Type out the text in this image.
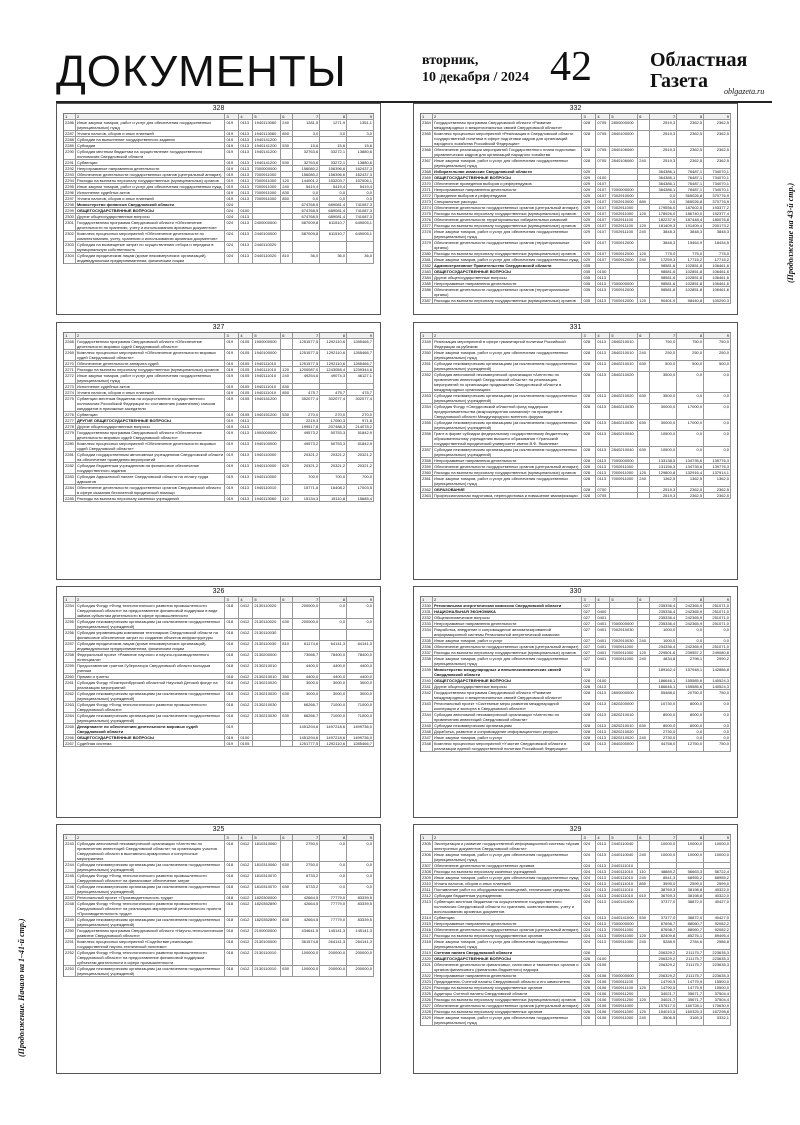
ДОКУМЕНТЫ	вторник,
10 декабря / 2024 42	Областная
Газета	oblgazeta.ru
(Продолжение на 43-й стр.)
(Продолжение. Начало на 1–41-й стр.)
328
1	2	3	4	5	6	7	8	9
2286 Иные закупки товаров, работ и услуг для обеспечения государственных (муниципальных) нужд
019	0113	1940113060	240	1281,5	1271,9	1351,1
2287 Уплата налогов, сборов и иных платежей	019	0113	1940113060	850	3,0	3,0	3,0
2288 Субсидии на выполнение государственного задания	019	0113	1940141200
2289 Субсидии	019	0113	1940141200	530	15,6	15,6	15,6
2290 Субсидия местным бюджетам на осуществление государственного полномочия Свердловской области
019	0113	1940141200	32763,6	33272,1	13880,6
2291 Субвенции	019	0113	1940141200	530	32763,6	33272,1	13880,6
2292 Непрограммные направления деятельности	019	0113	7000000000	156080,2	156396,6	162437,3
2293 Обеспечение деятельности государственных органов (центральный аппарат)	019	0113	7000911000	156080,2	156396,6	162437,3
2294 Расходы на выплаты персоналу государственных (муниципальных) органов	019	0113	7000911000	120	144001,2	153203,7	157006,1
2295 Иные закупки товаров, работ и услуг для обеспечения государственных нужд	019	0113	7000911000	240	5419,4	5419,4	5419,4
2296 Исполнение судебных актов	019	0113	7000911000	830	0,0	0,0	0,0
2297 Уплата налогов, сборов и иных платежей	019	0113	7000911000	850	0,0	0,0	0,0
2298 Министерство финансов Свердловской области	024	674768,5	689081,4	741087,3
2299 ОБЩЕГОСУДАРСТВЕННЫЕ ВОПРОСЫ	024	0100	674768,5	689081,4	741087,3
2300 Другие общегосударственные вопросы	024	0113	674768,5	689081,4	741087,3
2301 Государственная программа Свердловской области «Обеспечение деятельности по хранению, учету и использованию архивных документов»
024	0113	2400000000	587009,8	611510,7	649005,1
2302 Комплекс процессных мероприятий «Обеспечение деятельности по комплектованию, учету, хранению и использованию архивных документов»
024	0113	2440100000	587009,8	611510,7	649005,1
2303 Субсидия на возмещение затрат по осуществлению отбора и передачи в муниципальную собственность
024	0113	2440110020
2304 Субсидии юридическим лицам (кроме некоммерческих организаций), индивидуальным предпринимателям, физическим лицам
024	0113	2440110020	810	36,0	36,0	36,0
332
1	2	3	4	5	6	7	8	9
2364 Государственная программа Свердловской области «Развитие международных и межрегиональных связей Свердловской области»
028	0705	2800000000	2519,3	2362,5	2362,5
2365 Комплекс процессных мероприятий «Реализация в Свердловской области государственной политики в сфере подготовки кадров для организаций народного хозяйства Российской Федерации»
028	0705	2840100000	2519,3	2362,5	2362,5
2366 Обеспечение реализации мероприятий Государственного плана подготовки управленческих кадров для организаций народного хозяйства
028	0705	2840106060	2519,3	2362,5	2362,5
2367 Иные закупки товаров, работ и услуг для обеспечения государственных (муниципальных) нужд
028	0705	2840106060	240	2519,3	2362,5	2362,5
2368 Избирательная комиссия Свердловской области	029	364386,1	76487,1	734070,1
2369 ОБЩЕГОСУДАРСТВЕННЫЕ ВОПРОСЫ	029	0100	364386,1	76487,1	734070,1
2370 Обеспечение проведения выборов и референдумов	029	0107	364386,1	76487,1	734070,1
2371 Непрограммные направления деятельности	029	0107	7000000000	364386,1	76487,1	734070,1
2372 Проведение выборов и референдумов	029	0107	7002910000	0,0	365026,8	370776,9
2373 Специальные расходы	029	0107	7002910000	880	0,0	365026,8	370776,9
2374 Обеспечение деятельности государственных органов (центральный аппарат)	029	0107	7002911000	179556,0	187602,5	193377,2
2375 Расходы на выплаты персоналу государственных (муниципальных) органов	029	0107	7002911000	120	178926,0	186740,0	192377,4
2376 Обеспечение деятельности территориальных избирательных комиссий	029	0107	7002911100	182237,9	187448,4	180076,8
2377 Расходы на выплаты персоналу государственных (муниципальных) органов	029	0107	7002911100	120	181409,3	191409,4	200173,2
2378 Иные закупки товаров, работ и услуг для обеспечения государственных (муниципальных) нужд
029	0107	7002911100	240	3848,3	3848,3	3848,3
2379 Обеспечение деятельности государственных органов (территориальные органы)
029	0107	7000912000	3848,3	15464,9	18434,5
2380 Расходы на выплаты персоналу государственных (муниципальных) органов	029	0107	7000912000	120	775,0	775,0	775,0
2381 Иные закупки товаров, работ и услуг для обеспечения государственных нужд	029	0107	7000912000	240	17259,3	17715,2	17715,2
2382 Административное Правительство Свердловской области	035	98581,6	102851,8	106461,6
2383 ОБЩЕГОСУДАРСТВЕННЫЕ ВОПРОСЫ	035	0100	98581,6	102851,8	106461,6
2384 Другие общегосударственные вопросы	035	0113	98581,6	102851,8	106461,6
2385 Непрограммные направления деятельности	035	0113	7000000000	98581,6	102851,8	106461,6
2386 Обеспечение деятельности государственных органов (территориальные органы)
035	0113	7000912000	98581,6	102851,8	106461,6
2387 Расходы на выплаты персоналу государственных (муниципальных) органов	035	0113	7000912000	120	90401,9	98440,8	100290,3
327
1	2	3	4	5	6	7	8	9
2268 Государственная программа Свердловской области «Обеспечение деятельности мировых судей Свердловской области»
019	0105	1900000000	1251577,5	1292110,6	1285466,7
2269 Комплекс процессных мероприятий «Обеспечение деятельности мировых судей Свердловской области»
019	0105	1940100000	1251577,5	1292110,6	1285466,7
2270 Обеспечение деятельности аппарата судей	019	0105	1940111010	1251577,5	1292110,6	1285466,7
2271 Расходы на выплаты персоналу государственных (муниципальных) органов	019	0105	1940111010	120	1200087,0	1243058,4	1239344,6
2272 Иные закупки товаров, работ и услуг для обеспечения государственных (муниципальных) нужд
019	0105	1940111010	240	49254,6	49074,3	46127,1
2273 Исполнение судебных актов	019	0105	1940111010	830
2274 Уплата налогов, сборов и иных платежей	019	0105	1940111010	850	475,7	475,7	475,7
2275 Субвенции местным бюджетам на осуществление государственного полномочия Российской Федерации по составлению (изменению) списков кандидатов в присяжные заседатели
019	0105	1940151200	352077,4	302077,4	302077,4
2276 Субвенции	019	0105	1940151200	530	270,0	270,0	270,0
2277 ДРУГИЕ ОБЩЕГОСУДАРСТВЕННЫЕ ВОПРОСЫ	019	0113	2219,3	17050,3	971,8
2278 Другие общегосударственные вопросы	019	0113	199517,8	207488,3	214078,2
2279 Государственная программа Свердловской области «Обеспечение деятельности мировых судей Свердловской области»
019	0113	1900000000	49573,2	50753,3	51842,9
2280 Комплекс процессных мероприятий «Обеспечение деятельности мировых судей Свердловской области»
019	0113	1940100000	49573,2	50753,3	51842,9
2281 Субсидии государственным автономным учреждениям Свердловской области на обеспечение проведения мероприятий
019	0113	1940110000	20321,2	20321,2	20321,2
2282 Субсидии бюджетным учреждениям на финансовое обеспечение государственного задания
019	0113	1940110000	620	20321,2	20321,2	20321,2
2283 Субсидия Адвокатской палате Свердловской области на оплату труда адвокатов
019	0113	1940110000	700,0	700,0	700,0
2284 Обеспечение деятельности государственных органов Свердловской области в сфере оказания бесплатной юридической помощи
019	0113	1940110010	15771,6	16408,2	17003,5
2285 Расходы на выплаты персоналу казенных учреждений	019	0113	1940113060	110	15134,3	15110,8	15685,4
331
1	2	3	4	5	6	7	8	9
2349 Реализация мероприятий в сфере гуманитарной политики Российской Федерации за рубежом
028	0113	2840210010	750,0	750,0	750,0
2350 Иные закупки товаров, работ и услуг для обеспечения государственных (муниципальных) нужд
028	0113	2840210010	240	250,0	250,0	250,0
2351 Субсидии некоммерческим организациям (за исключением государственных (муниципальных) учреждений)
028	0113	2840210010	630	500,0	500,0	500,0
2352 Субсидия автономной некоммерческой организации «Агентство по привлечению инвестиций Свердловской области» на реализацию мероприятий по организации продвижения Свердловской области в международных организациях
028	0113	2840210020	3500,0	0,0	0,0
2353 Субсидии некоммерческим организациям (за исключением государственных (муниципальных) учреждений)
028	0113	2840210020	630	3500,0	0,0	0,0
2354 Субсидия Фонду «Свердловский областной фонд поддержки предпринимательства (микрокредитная компания)» на проведение в Свердловской области Международного военного форума
028	0113	2840210030	30000,0	17000,0	0,0
2355 Субсидии некоммерческим организациям (за исключением государственных (муниципальных) учреждений)
028	0113	2840210030	630	30000,0	17000,0	0,0
2356 Грант в форме субсидии федеральному государственному бюджетному образовательному учреждению высшего образования «Уральский государственный юридический университет имени В.Ф. Яковлева»
028	0113	2840210040	10500,0	0,0	0,0
2357 Субсидии некоммерческим организациям (за исключением государственных (муниципальных) учреждений)
028	0113	2840210040	630	10500,0	0,0	0,0
2358 Непрограммные направления деятельности	028	0113	7000000000	133138,5	134735,6	139776,3
2359 Обеспечение деятельности государственных органов (центральный аппарат)	028	0113	7000911000	131156,3	134735,6	139776,3
2360 Расходы на выплаты персоналу государственных (муниципальных) органов	028	0113	7000911000	120	129800,8	132916,4	137914,1
2361 Иные закупки товаров, работ и услуг для обеспечения государственных (муниципальных) нужд
028	0113	7000911000	240	1362,5	1362,5	1362,0
2362 ОБРАЗОВАНИЕ	028	0700	2519,3	2362,5	2362,5
2363 Профессиональная подготовка, переподготовка и повышение квалификации	028	0705	2519,3	2362,5	2362,5
326
1	2	3	4	5	6	7	8	9
2254 Субсидия Фонду «Фонд технологического развития промышленности Свердловской области» на предоставление финансовой поддержки в виде займов субъектам деятельности в сфере промышленности
018	0412	2130110020	200000,0	0,0	0,0
2255 Субсидии некоммерческим организациям (за исключением государственных (муниципальных) учреждений)
018	0412	2130110020	630	200000,0	0,0	0,0
2256 Субсидия управляющим компаниям технопарков Свердловской области на финансовое обеспечение затрат по созданию объектов инфраструктуры
018	0412	2130110030
2257 Субсидии юридическим лицам (кроме некоммерческих организаций), индивидуальным предпринимателям, физическим лицам
018	0412	2130110030	810	61174,6	64141,3	64141,3
2258 Федеральный проект «Развитие научного и научно-производственного потенциала»
018	0412	2130200000	73066,7	78400,0	78400,0
2259 Предоставление грантов Губернатора Свердловской области молодым ученым
018	0412	2130210010	4400,0	4400,0	4400,0
2260 Премии и гранты	018	0412	2130210010	350	4400,0	4400,0	4400,0
2261 Субсидия Фонду «Екатеринбургский областной Научный Детский фонд» на реализацию мероприятий
018	0412	2130210020	3000,0	3000,0	3000,0
2262 Субсидии некоммерческим организациям (за исключением государственных (муниципальных) учреждений)
018	0412	2130210020	630	3000,0	3000,0	3000,0
2263 Субсидия Фонду «Фонд технологического развития промышленности Свердловской области»
018	0412	2130210030	66266,7	71000,0	71000,0
2264 Субсидии некоммерческим организациям (за исключением государственных (муниципальных) учреждений)
018	0412	2130210030	630	66266,7	71000,0	71000,0
2265 Департамент по обеспечению деятельности мировых судей Свердловской области
019	1451294,6	1497218,6	1499736,0
2266 ОБЩЕГОСУДАРСТВЕННЫЕ ВОПРОСЫ	019	0100	1451294,6	1497218,6	1499736,0
2267 Судебная система	019	0105	1251777,5	1292110,6	1285466,7
330
1	2	3	4	5	6	7	8	9
2330 Региональная энергетическая комиссия Свердловской области	027	235336,4	242365,9	251071,0
2331 НАЦИОНАЛЬНАЯ ЭКОНОМИКА	027	0400	235336,4	242365,9	251071,0
2332 Общеэкономические вопросы	027	0401	235336,4	242365,9	251071,0
2333 Непрограммные направления деятельности	027	0401	7000000000	235336,4	242365,9	251071,0
2334 Разработка, внедрение и сопровождение автоматизированной информационной системы Региональной энергетической комиссии
027	0401	7002910030	1000,0	0,0	0,0
2335 Иные закупки товаров, работ и услуг	027	0401	7002910030	240	1000,0	0,0	0,0
2336 Обеспечение деятельности государственных органов (центральный аппарат)	027	0401	7000911000	234336,4	242365,9	251071,0
2337 Расходы на выплаты персоналу государственных (муниципальных) органов	027	0401	7000911000	120	229501,6	239557,2	249080,8
2338 Иные закупки товаров, работ и услуг для обеспечения государственных (муниципальных) нужд
027	0401	7000911000	240	4834,8	2798,1	2990,2
2339 Министерство международных и внешнеэкономических связей Свердловской области
028	189162,4	157948,1	142886,8
2340 ОБЩЕГОСУДАРСТВЕННЫЕ ВОПРОСЫ	028	0100	186646,1	155585,6	140524,3
2341 Другие общегосударственные вопросы	028	0113	186646,1	155585,6	140524,3
2342 Государственная программа Свердловской области «Развитие международных и межрегиональных связей Свердловской области»
028	0113	2800000000	55488,0	20750,0	750,0
2343 Региональный проект «Системные меры развития международной кооперации и экспорта в Свердловской области»
028	0113	2820200000	10730,0	8000,0	0,0
2344 Субсидия автономной некоммерческой организации «Агентство по привлечению инвестиций Свердловской области»
028	0113	2820210010	8000,0	8000,0	0,0
2345 Субсидии некоммерческим организациям	028	0113	2820210010	630	8000,0	8000,0	0,0
2346 Доработка, развитие и сопровождение информационного ресурса	028	0113	2820210020	2730,0	0,0	0,0
2347 Иные закупки товаров, работ и услуг	028	0113	2820210020	240	2730,0	0,0	0,0
2348 Комплекс процессных мероприятий «Участие Свердловской области в реализации единой государственной политики Российской Федерации»
028	0113	2840200000	44758,0	12750,0	750,0
325
1	2	3	4	5	6	7	8	9
2243 Субсидия автономной некоммерческой организации «Агентство по привлечению инвестиций Свердловской области» на организацию участия Свердловской области в выставочно-ярмарочных и конгрессных мероприятиях
018	0412	1810310060	2750,0	0,0	0,0
2244 Субсидии некоммерческим организациям (за исключением государственных (муниципальных) учреждений)
018	0412	1810310060	630	2750,0	0,0	0,0
2245 Субсидия Фонду «Фонд технологического развития промышленности Свердловской области» на финансовое обеспечение затрат
018	0412	1810310070	6733,2	0,0	0,0
2246 Субсидии некоммерческим организациям (за исключением государственных (муниципальных) учреждений)
018	0412	1810310070	630	6733,2	0,0	0,0
2247 Региональный проект «Производительность труда»	018	0412	1820300000	42664,5	77779,0	83339,5
2248 Субсидия Фонду «Фонд технологического развития промышленности Свердловской области» на реализацию мероприятий регионального проекта «Производительность труда»
018	0412	1820352890	42664,5	77779,0	83339,5
2249 Субсидии некоммерческим организациям (за исключением государственных (муниципальных) учреждений)
018	0412	1820352890	630	42664,5	77779,0	83339,5
2250 Государственная программа Свердловской области «Научно-технологическое развитие Свердловской области»
018	0412	2100000000	434641,5	145141,3	145141,3
2251 Комплекс процессных мероприятий «Содействие реализации государственной научно-технической политики»
018	0412	2130100000	361574,8	264141,3	264141,3
2252 Субсидия Фонду «Фонд технологического развития промышленности Свердловской области» на предоставление финансовой поддержки субъектам деятельности в сфере промышленности
018	0412	2130110010	100000,0	200000,0	200000,0
2253 Субсидии некоммерческим организациям (за исключением государственных (муниципальных) учреждений)
018	0412	2130110010	630	100000,0	200000,0	200000,0
329
1	2	3	4	5	6	7	8	9
2305 Эксплуатация и развитие государственной информационной системы «Архив электронных документов Свердловской области»
024	0113	2440110040	10000,0	10000,0	10000,0
2306 Иные закупки товаров, работ и услуг для обеспечения государственных (муниципальных) нужд
024	0113	2440110040	240	10000,0	10000,0	10000,0
2307 Обеспечение деятельности государственных архивов	024	0113	2440111010
2308 Расходы на выплаты персоналу казенных учреждений	024	0113	2440111010	110	48889,2	56663,3	56722,4
2309 Иные закупки товаров, работ и услуг для обеспечения государственных нужд	024	0113	2440111010	240	8541,3	68955,2	68955,2
2310 Уплата налогов, сборов и иных платежей	024	0113	2440111010	850	3595,0	2599,0	2599,0
2311 Поставление работ по оборудованию помещений, технические средства	024	0113	2440111010	38769,3	38198,8	40322,0
2312 Субсидии бюджетным учреждениям	024	0113	2440111010	610	36769,3	38198,8	40322,0
2313 Субвенции местным бюджетам на осуществление государственного полномочия Свердловской области по хранению, комплектованию, учету и использованию архивных документов
024	0113	2440141000	37377,0	38872,0	40427,0
2314 Субвенции	024	0113	2440141000	530	37377,0	38872,0	40427,0
2315 Непрограммные направления деятельности	024	0113	7000000000	87698,7	88060,7	92082,2
2316 Обеспечение деятельности государственных органов (центральный аппарат)	024	0113	7000911000	87698,7	88060,7	92082,2
2317 Расходы на выплаты персоналу государственных органов	024	0113	7000911000	120	82409,8	85276,1	89495,4
2318 Иные закупки товаров, работ и услуг для обеспечения государственных (муниципальных) нужд
024	0113	7000911000	240	5288,9	2784,6	2586,8
2319 Счетная палата Свердловской области	026	206329,2	211175,7	223635,3
2320 ОБЩЕГОСУДАРСТВЕННЫЕ ВОПРОСЫ	026	0100	206329,2	211175,7	223635,3
2321 Обеспечение деятельности финансовых, налоговых и таможенных органов и органов финансового (финансово-бюджетного) надзора
026	0106	206329,2	211175,7	223635,3
2322 Непрограммные направления деятельности	026	0106	7000000000	206329,2	211175,7	223635,3
2323 Председатель Счетной палаты Свердловской области и его заместитель	026	0106	7000911100	14790,5	14775,9	15500,0
2324 Расходы на выплаты персоналу государственных органов	026	0106	7000911100	120	14790,5	14775,9	15500,0
2325 Аудиторы Счетной палаты Свердловской области	026	0106	7000911200	34021,7	35671,7	37504,4
2326 Расходы на выплаты персоналу государственных (муниципальных) органов	026	0106	7000911200	120	34021,7	35671,7	37504,4
2327 Обеспечение деятельности государственных органов (центральный аппарат)	026	0106	7000911000	157517,0	160728,1	170630,9
2328 Расходы на выплаты персоналу государственных органов	026	0106	7000911000	120	154010,5	160325,3	167298,8
2329 Иные закупки товаров, работ и услуг для обеспечения государственных (муниципальных) нужд
026	0106	7000911000	240	3506,5	3165,3	3332,1
